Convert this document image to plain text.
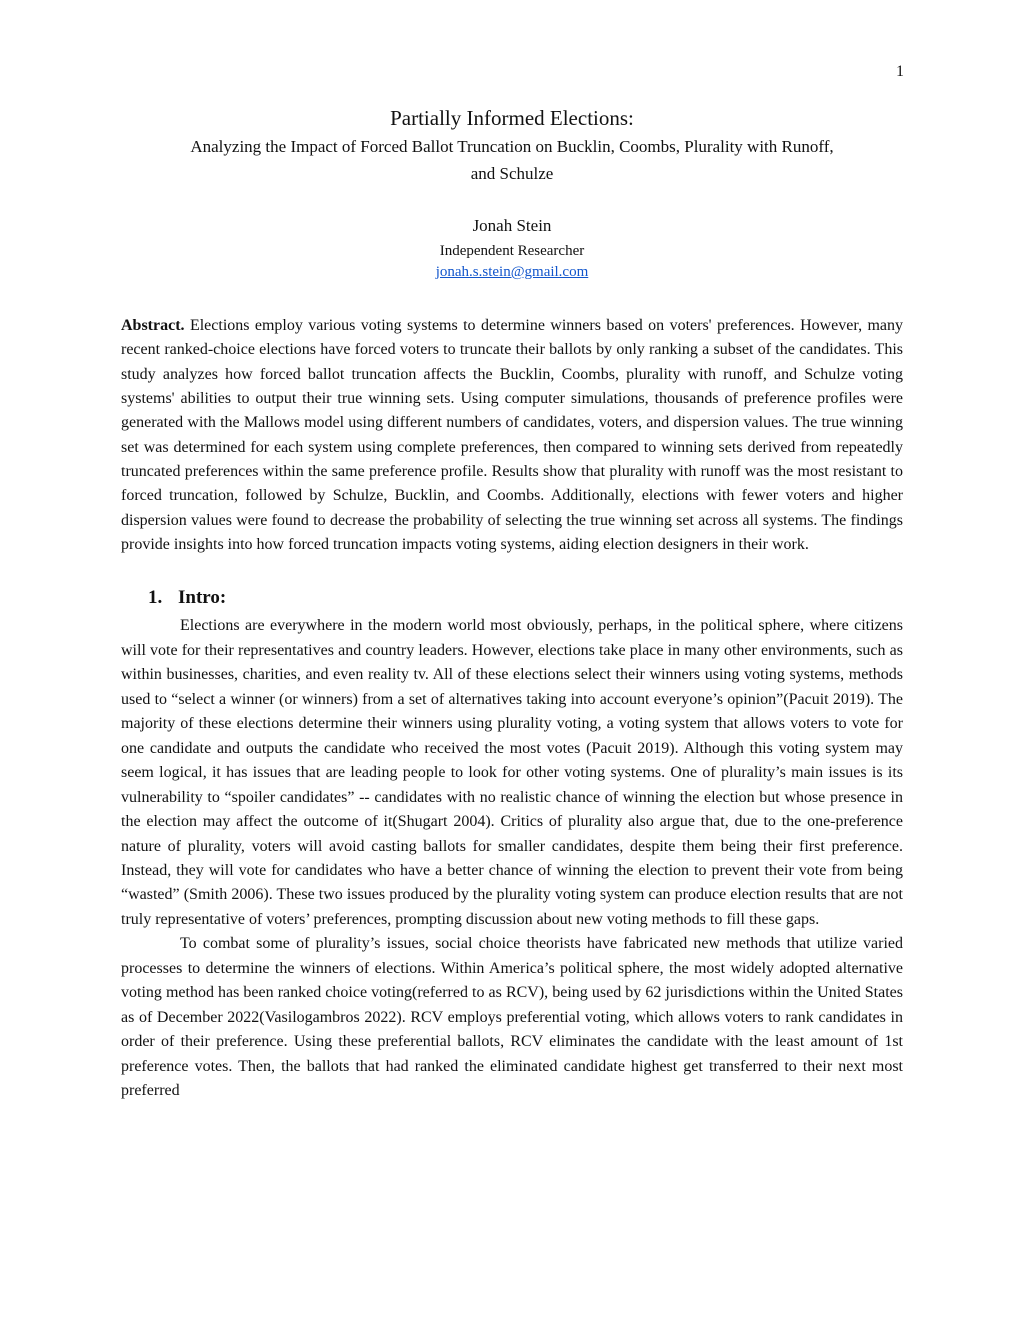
1
Partially Informed Elections:
Analyzing the Impact of Forced Ballot Truncation on Bucklin, Coombs, Plurality with Runoff,
and Schulze
Jonah Stein
Independent Researcher
jonah.s.stein@gmail.com
Abstract. Elections employ various voting systems to determine winners based on voters' preferences. However, many recent ranked-choice elections have forced voters to truncate their ballots by only ranking a subset of the candidates. This study analyzes how forced ballot truncation affects the Bucklin, Coombs, plurality with runoff, and Schulze voting systems' abilities to output their true winning sets. Using computer simulations, thousands of preference profiles were generated with the Mallows model using different numbers of candidates, voters, and dispersion values. The true winning set was determined for each system using complete preferences, then compared to winning sets derived from repeatedly truncated preferences within the same preference profile. Results show that plurality with runoff was the most resistant to forced truncation, followed by Schulze, Bucklin, and Coombs. Additionally, elections with fewer voters and higher dispersion values were found to decrease the probability of selecting the true winning set across all systems. The findings provide insights into how forced truncation impacts voting systems, aiding election designers in their work.
1. Intro:

Elections are everywhere in the modern world most obviously, perhaps, in the political sphere, where citizens will vote for their representatives and country leaders. However, elections take place in many other environments, such as within businesses, charities, and even reality tv. All of these elections select their winners using voting systems, methods used to “select a winner (or winners) from a set of alternatives taking into account everyone’s opinion”(Pacuit 2019). The majority of these elections determine their winners using plurality voting, a voting system that allows voters to vote for one candidate and outputs the candidate who received the most votes (Pacuit 2019). Although this voting system may seem logical, it has issues that are leading people to look for other voting systems. One of plurality’s main issues is its vulnerability to “spoiler candidates” -- candidates with no realistic chance of winning the election but whose presence in the election may affect the outcome of it(Shugart 2004). Critics of plurality also argue that, due to the one-preference nature of plurality, voters will avoid casting ballots for smaller candidates, despite them being their first preference. Instead, they will vote for candidates who have a better chance of winning the election to prevent their vote from being “wasted” (Smith 2006). These two issues produced by the plurality voting system can produce election results that are not truly representative of voters’ preferences, prompting discussion about new voting methods to fill these gaps.

To combat some of plurality’s issues, social choice theorists have fabricated new methods that utilize varied processes to determine the winners of elections. Within America’s political sphere, the most widely adopted alternative voting method has been ranked choice voting(referred to as RCV), being used by 62 jurisdictions within the United States as of December 2022(Vasilogambros 2022). RCV employs preferential voting, which allows voters to rank candidates in order of their preference. Using these preferential ballots, RCV eliminates the candidate with the least amount of 1st preference votes. Then, the ballots that had ranked the eliminated candidate highest get transferred to their next most preferred
